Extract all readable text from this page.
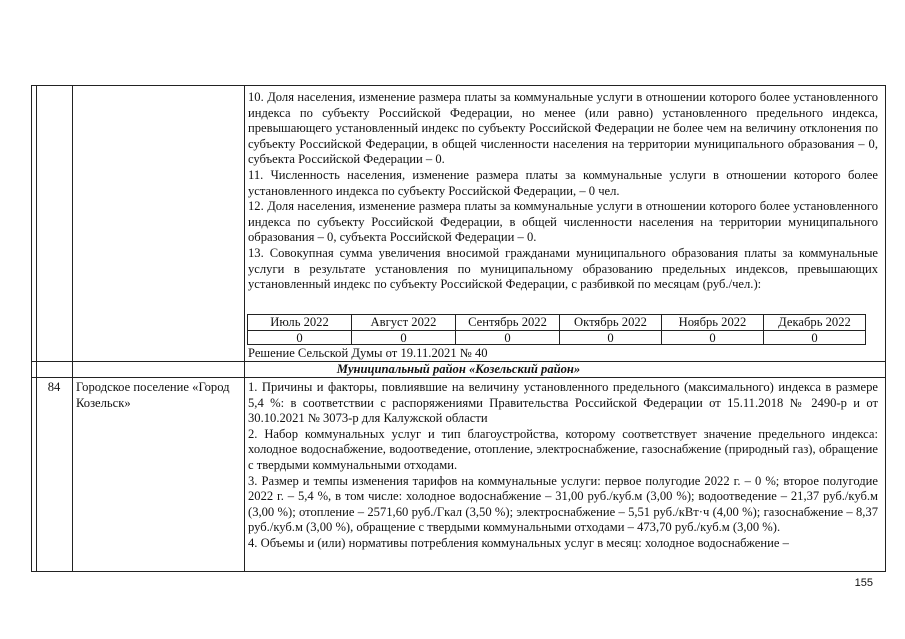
10. Доля населения, изменение размера платы за коммунальные услуги в отношении которого более установленного индекса по субъекту Российской Федерации, но менее (или равно) установленного предельного индекса, превышающего установленный индекс по субъекту Российской Федерации не более чем на величину отклонения по субъекту Российской Федерации, в общей численности населения на территории муниципального образования – 0, субъекта Российской Федерации – 0.

11. Численность населения, изменение размера платы за коммунальные услуги в отношении которого более установленного индекса по субъекту Российской Федерации, – 0 чел.

12. Доля населения, изменение размера платы за коммунальные услуги в отношении которого более установленного индекса по субъекту Российской Федерации, в общей численности населения на территории муниципального образования – 0, субъекта Российской Федерации – 0.

13. Совокупная сумма увеличения вносимой гражданами муниципального образования платы за коммунальные услуги в результате установления по муниципальному образованию предельных индексов, превышающих установленный индекс по субъекту Российской Федерации, с разбивкой по месяцам (руб./чел.):

Июль 2022	Август 2022	Сентябрь 2022	Октябрь 2022	Ноябрь 2022	Декабрь 2022
0	0	0	0	0	0
Решение Сельской Думы от 19.11.2021 № 40
Муниципальный район «Козельский район»
84	Городское поселение «Город Козельск»

1. Причины и факторы, повлиявшие на величину установленного предельного (максимального) индекса в размере 5,4 %: в соответствии с распоряжениями Правительства Российской Федерации от 15.11.2018 № 2490-р и от 30.10.2021 № 3073-р для Калужской области

2. Набор коммунальных услуг и тип благоустройства, которому соответствует значение предельного индекса: холодное водоснабжение, водоотведение, отопление, электроснабжение, газоснабжение (природный газ), обращение с твердыми коммунальными отходами.

3. Размер и темпы изменения тарифов на коммунальные услуги: первое полугодие 2022 г. – 0 %; второе полугодие 2022 г. – 5,4 %, в том числе: холодное водоснабжение – 31,00 руб./куб.м (3,00 %); водоотведение – 21,37 руб./куб.м (3,00 %); отопление – 2571,60 руб./Гкал (3,50 %); электроснабжение – 5,51 руб./кВт·ч (4,00 %); газоснабжение – 8,37 руб./куб.м (3,00 %), обращение с твердыми коммунальными отходами – 473,70 руб./куб.м (3,00 %).

4. Объемы и (или) нормативы потребления коммунальных услуг в месяц: холодное водоснабжение –

155
